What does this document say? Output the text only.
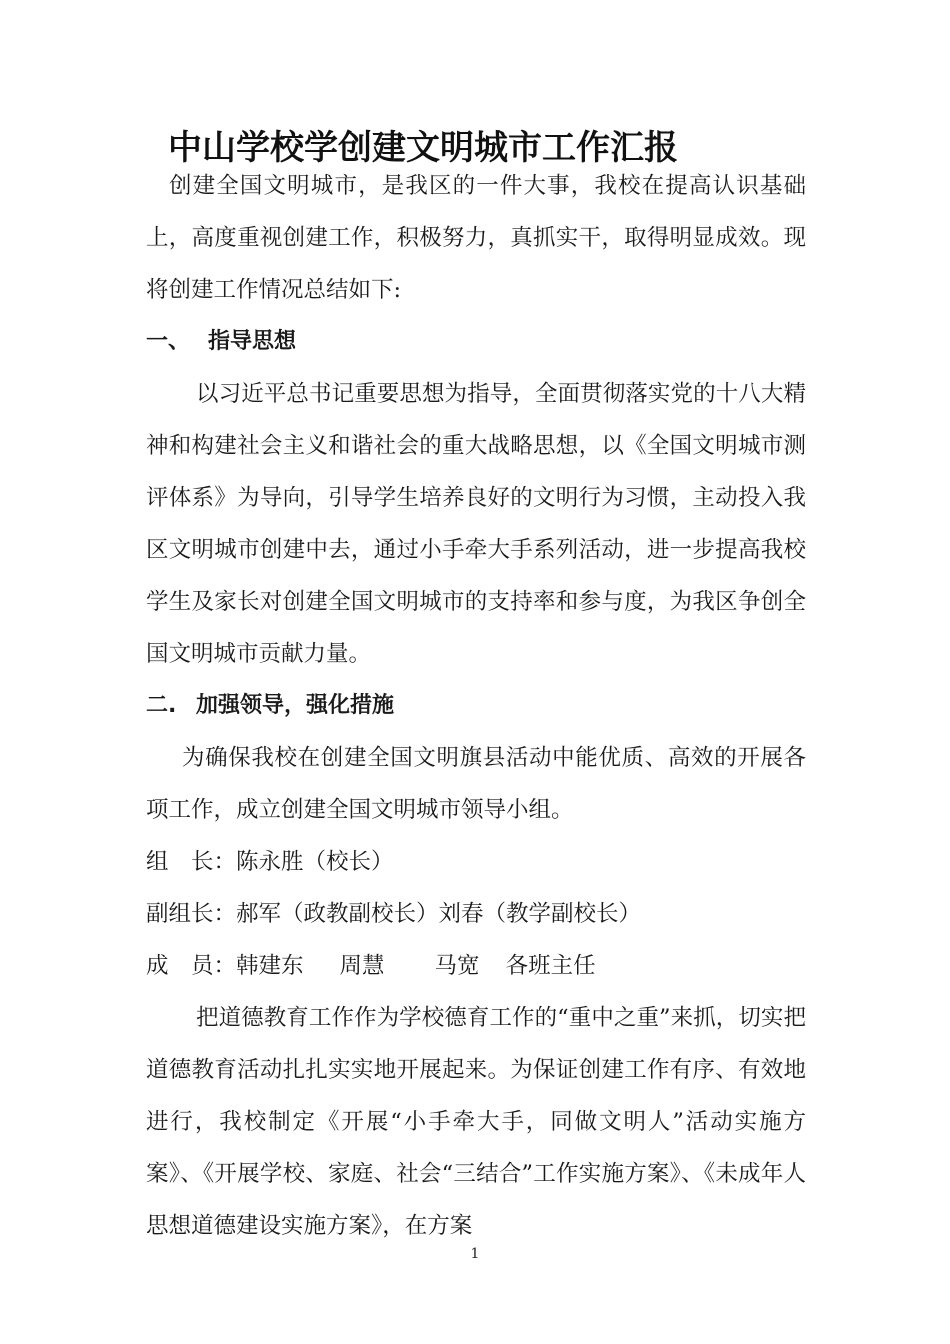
中山学校学创建文明城市工作汇报

创建全国文明城市，是我区的一件大事，我校在提高认识基础上，高度重视创建工作，积极努力，真抓实干，取得明显成效。现将创建工作情况总结如下:

一、 指导思想

以习近平总书记重要思想为指导，全面贯彻落实党的十八大精神和构建社会主义和谐社会的重大战略思想，以《全国文明城市测评体系》为导向，引导学生培养良好的文明行为习惯，主动投入我区文明城市创建中去，通过小手牵大手系列活动，进一步提高我校学生及家长对创建全国文明城市的支持率和参与度，为我区争创全国文明城市贡献力量。

二. 加强领导，强化措施

为确保我校在创建全国文明旗县活动中能优质、高效的开展各项工作，成立创建全国文明城市领导小组。

组　长：陈永胜（校长）

副组长：郝军（政教副校长）刘春（教学副校长）

成　员：韩建东 周慧 马宽 各班主任

把道德教育工作作为学校德育工作的“重中之重”来抓，切实把道德教育活动扎扎实实地开展起来。为保证创建工作有序、有效地进行，我校制定《开展“小手牵大手，同做文明人”活动实施方案》、《开展学校、家庭、社会“三结合”工作实施方案》、《未成年人思想道德建设实施方案》，在方案

1
